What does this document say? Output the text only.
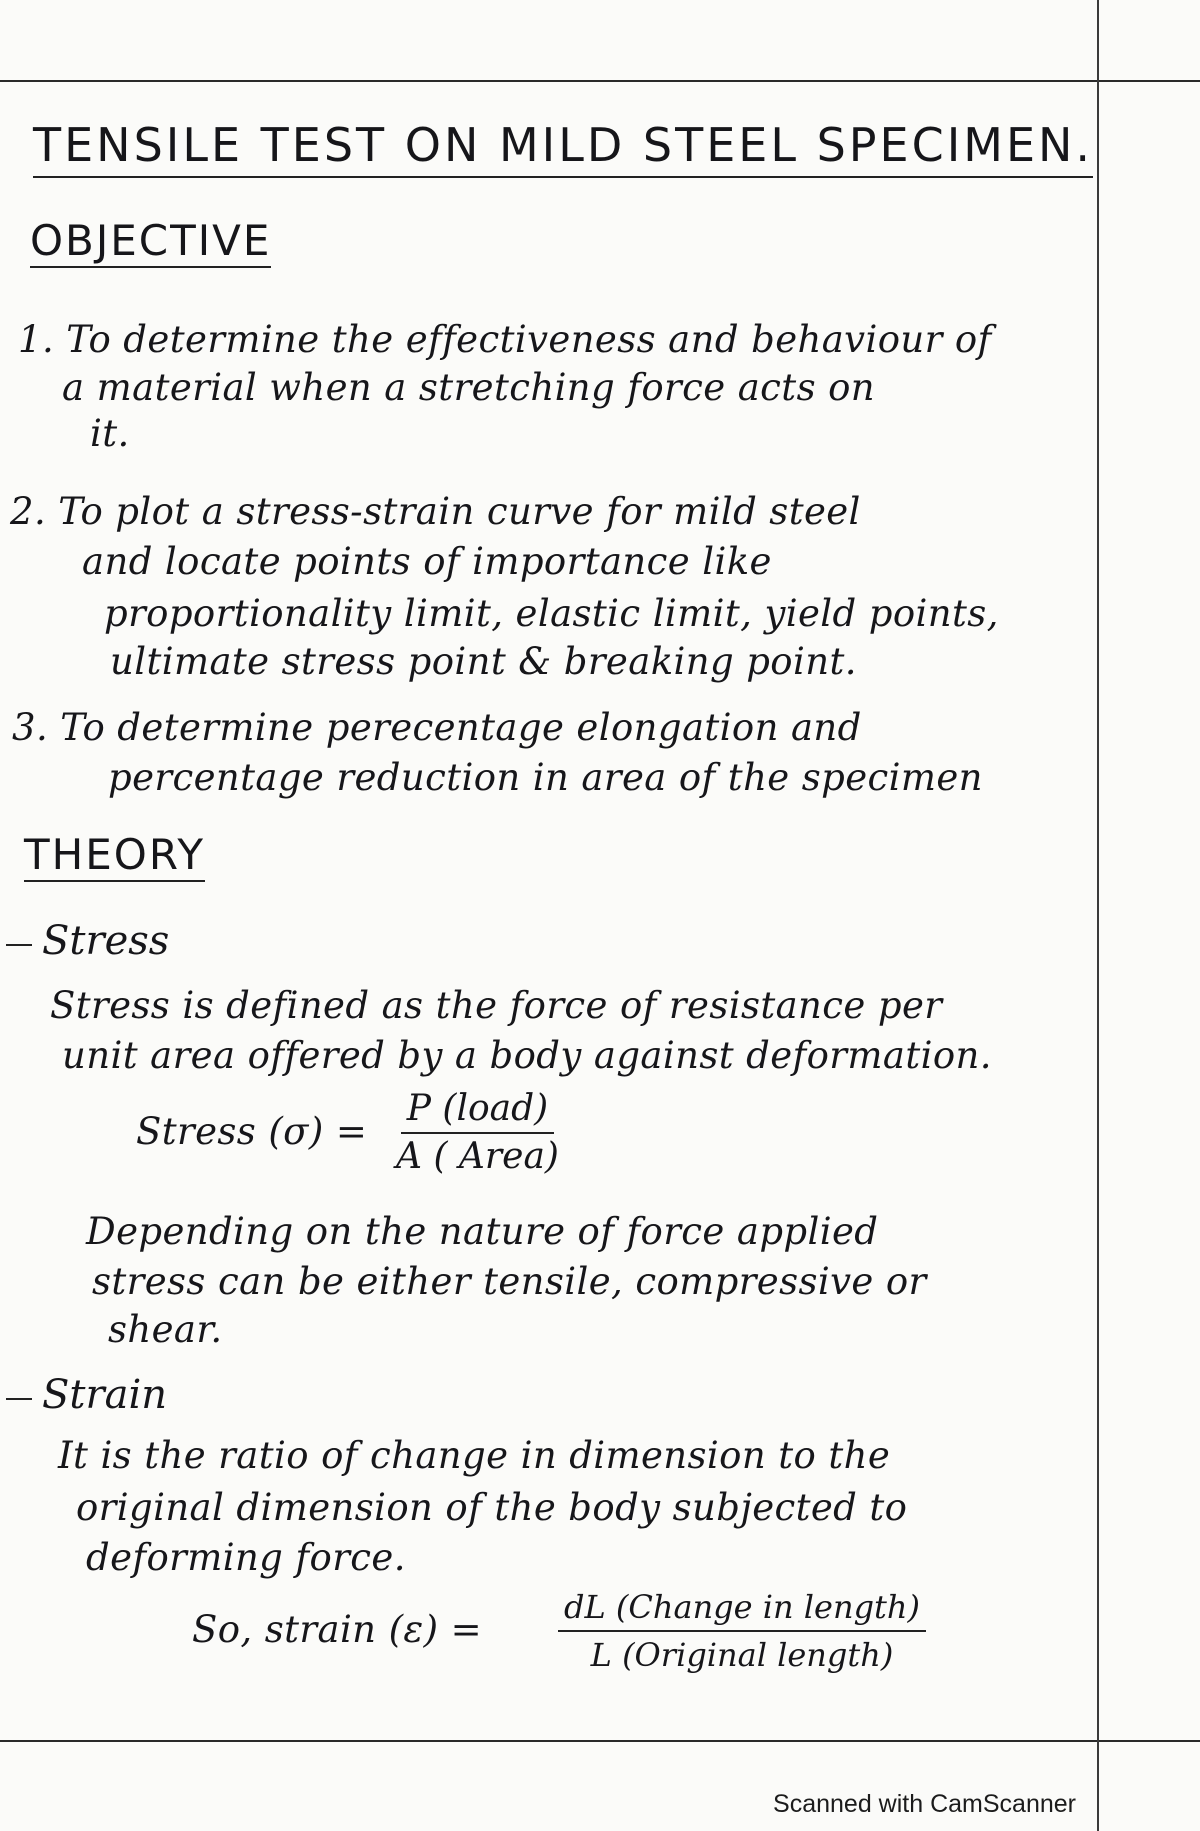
TENSILE TEST ON MILD STEEL SPECIMEN.
OBJECTIVE
1. To determine the effectiveness and behaviour of
a material when a stretching force acts on
it.
2. To plot a stress-strain curve for mild steel
and locate points of importance like
proportionality limit, elastic limit, yield points,
ultimate stress point & breaking point.
3. To determine perecentage elongation and
percentage reduction in area of the specimen
THEORY
Stress
Stress is defined as the force of resistance per
unit area offered by a body against deformation.
Stress (σ) =
P (load)
A ( Area)
Depending on the nature of force applied
stress can be either tensile, compressive or
shear.
Strain
It is the ratio of change in dimension to the
original dimension of the body subjected to
deforming force.
So, strain (ε) =
dL (Change in length)
L (Original length)
Scanned with CamScanner
